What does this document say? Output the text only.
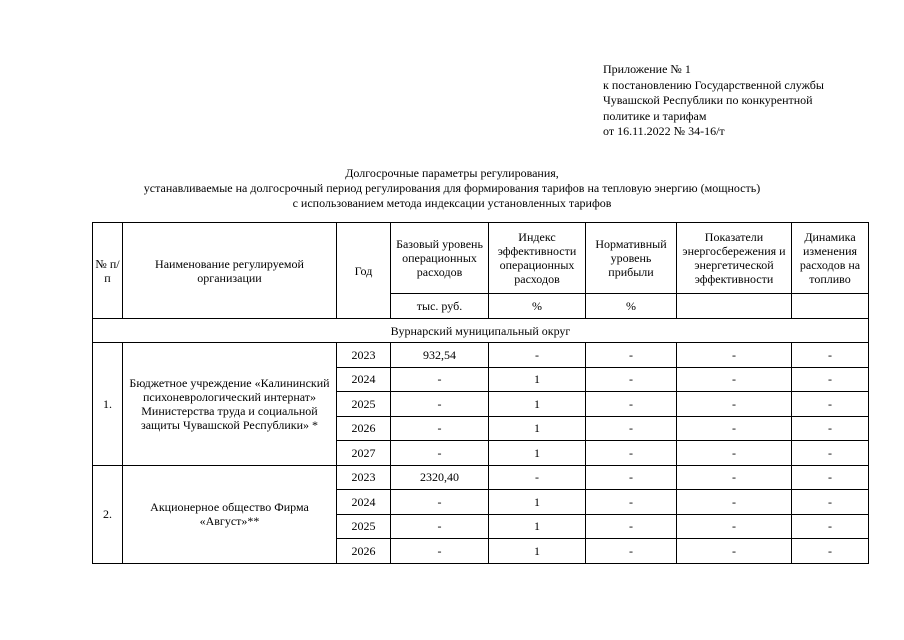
Приложение № 1
к постановлению Государственной службы
Чувашской Республики по конкурентной
политике и тарифам
от 16.11.2022 № 34-16/т
Долгосрочные параметры регулирования,
устанавливаемые на долгосрочный период регулирования для формирования тарифов на тепловую энергию (мощность)
с использованием метода индексации установленных тарифов
№ п/п	Наименование регулируемой организации	Год	Базовый уровень операционных расходов	Индекс эффективности операционных расходов	Нормативный уровень прибыли	Показатели энергосбережения и энергетической эффективности	Динамика изменения расходов на топливо
			тыс. руб.	%	%		
Вурнарский муниципальный округ							
1.	Бюджетное учреждение «Калининский психоневрологический интернат» Министерства труда и социальной защиты Чувашской Республики» *	2023	932,54	-	-	-	-
		2024	-	1	-	-	-
		2025	-	1	-	-	-
		2026	-	1	-	-	-
		2027	-	1	-	-	-
2.	Акционерное общество Фирма «Август»**	2023	2320,40	-	-	-	-
		2024	-	1	-	-	-
		2025	-	1	-	-	-
		2026	-	1	-	-	-
